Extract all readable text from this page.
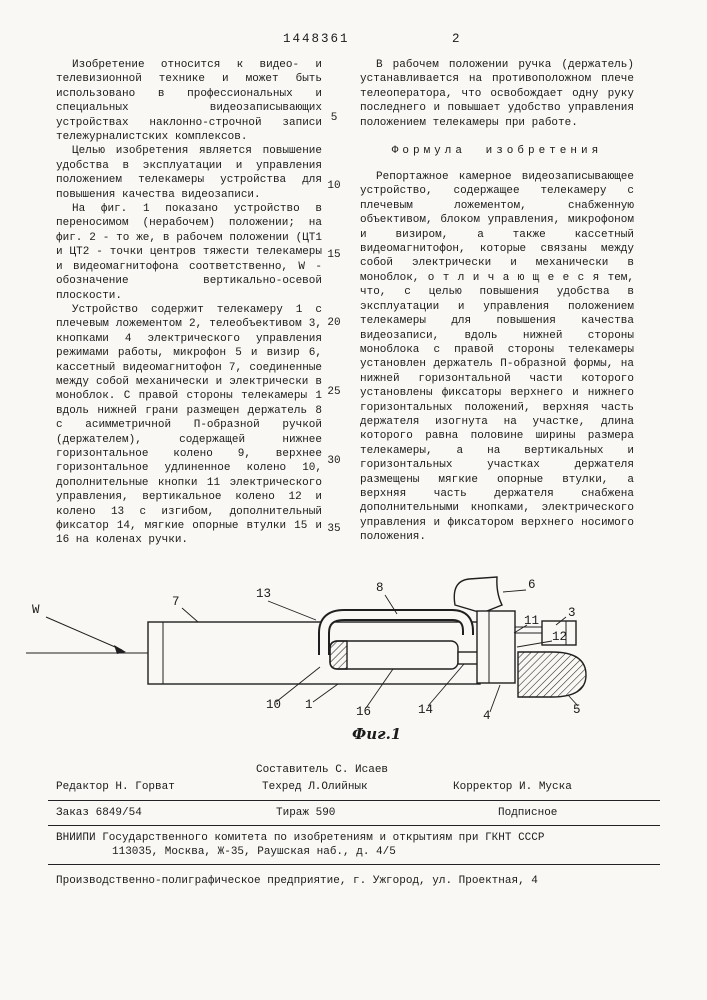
1448361	2

Изобретение относится к видео- и телевизионной технике и может быть использовано в профессиональных и специальных видеозаписывающих устройствах наклонно-строчной записи тележурналистских комплексов.

Целью изобретения является повышение удобства в эксплуатации и управления положением телекамеры устройства для повышения качества видеозаписи.

На фиг. 1 показано устройство в переносимом (нерабочем) положении; на фиг. 2 - то же, в рабочем положении (ЦТ1 и ЦТ2 - точки центров тяжести телекамеры и видеомагнитофона соответственно, W - обозначение вертикально-осевой плоскости.

Устройство содержит телекамеру 1 с плечевым ложементом 2, телеобъективом 3, кнопками 4 электрического управления режимами работы, микрофон 5 и визир 6, кассетный видеомагнитофон 7, соединенные между собой механически и электрически в моноблок. С правой стороны телекамеры 1 вдоль нижней грани размещен держатель 8 с асимметричной П-образной ручкой (держателем), содержащей нижнее горизонтальное колено 9, верхнее горизонтальное удлиненное колено 10, дополнительные кнопки 11 электрического управления, вертикальное колено 12 и колено 13 с изгибом, дополнительный фиксатор 14, мягкие опорные втулки 15 и 16 на коленах ручки.

В рабочем положении ручка (держатель) устанавливается на противоположном плече телеоператора, что освобождает одну руку последнего и повышает удобство управления положением телекамеры при работе.

Формула изобретения

Репортажное камерное видеозаписывающее устройство, содержащее телекамеру с плечевым ложементом, снабженную объективом, блоком управления, микрофоном и визиром, а также кассетный видеомагнитофон, которые связаны между собой электрически и механически в моноблок, о т л и ч а ю щ е е с я тем, что, с целью повышения удобства в эксплуатации и управления положением телекамеры для повышения качества видеозаписи, вдоль нижней стороны моноблока с правой стороны телекамеры установлен держатель П-образной формы, на нижней горизонтальной части которого установлены фиксаторы верхнего и нижнего горизонтальных положений, верхняя часть держателя изогнута на участке, длина которого равна половине ширины размера телекамеры, а на вертикальных и горизонтальных участках держателя размещены мягкие опорные втулки, а верхняя часть держателя снабжена дополнительными кнопками, электрического управления и фиксатором верхнего носимого положения.

5
10
15
20
25
30
35
W
7
13	8	6
3
11
12
10 1	16	14	4	5
Фиг.1
Составитель С. Исаев
Редактор Н. Горват	Техред Л.Олийнык	Корректор И. Муска
Заказ 6849/54	Тираж 590	Подписное
ВНИИПИ Государственного комитета по изобретениям и открытиям при ГКНТ СССР
113035, Москва, Ж-35, Раушская наб., д. 4/5
Производственно-полиграфическое предприятие, г. Ужгород, ул. Проектная, 4
